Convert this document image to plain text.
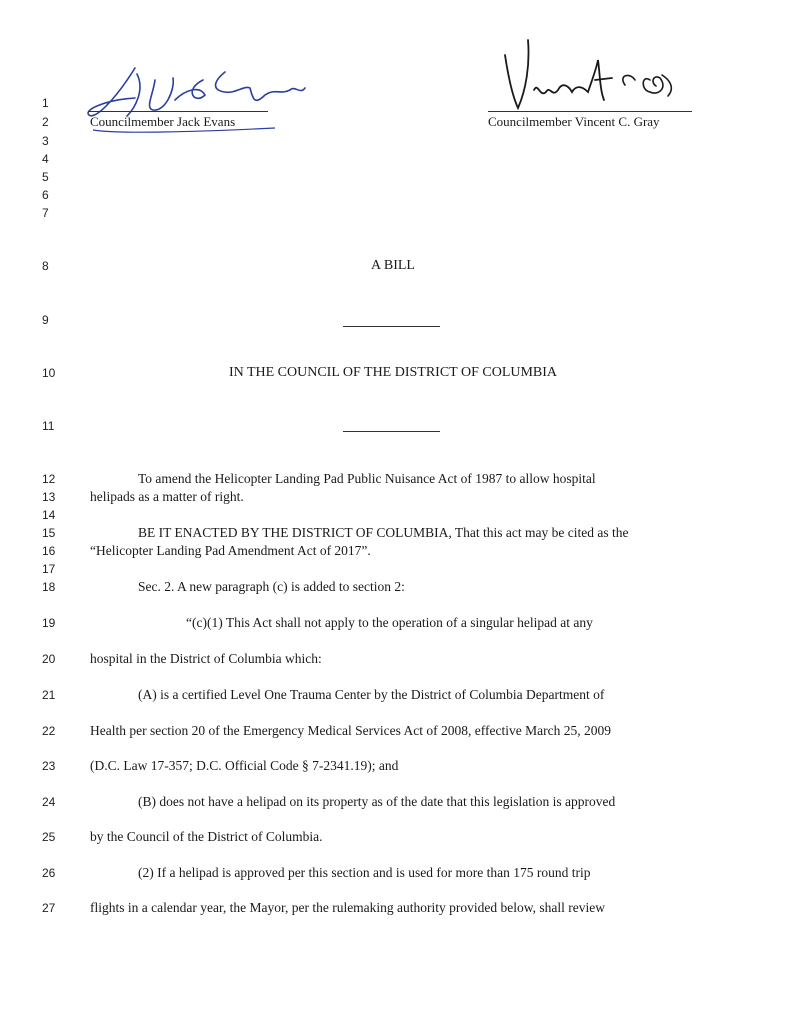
Councilmember Jack Evans	Councilmember Vincent C. Gray
1
2
3
4
5
6
7
8
9
10
11
12
13
14
15
16
17
18
19
20
21
22
23
24
25
26
27
A BILL
IN THE COUNCIL OF THE DISTRICT OF COLUMBIA
To amend the Helicopter Landing Pad Public Nuisance Act of 1987 to allow hospital
helipads as a matter of right.
BE IT ENACTED BY THE DISTRICT OF COLUMBIA, That this act may be cited as the
“Helicopter Landing Pad Amendment Act of 2017”.
Sec. 2. A new paragraph (c) is added to section 2:
“(c)(1) This Act shall not apply to the operation of a singular helipad at any
hospital in the District of Columbia which:
(A) is a certified Level One Trauma Center by the District of Columbia Department of
Health per section 20 of the Emergency Medical Services Act of 2008, effective March 25, 2009
(D.C. Law 17-357; D.C. Official Code § 7-2341.19); and
(B) does not have a helipad on its property as of the date that this legislation is approved
by the Council of the District of Columbia.
(2) If a helipad is approved per this section and is used for more than 175 round trip
flights in a calendar year, the Mayor, per the rulemaking authority provided below, shall review
